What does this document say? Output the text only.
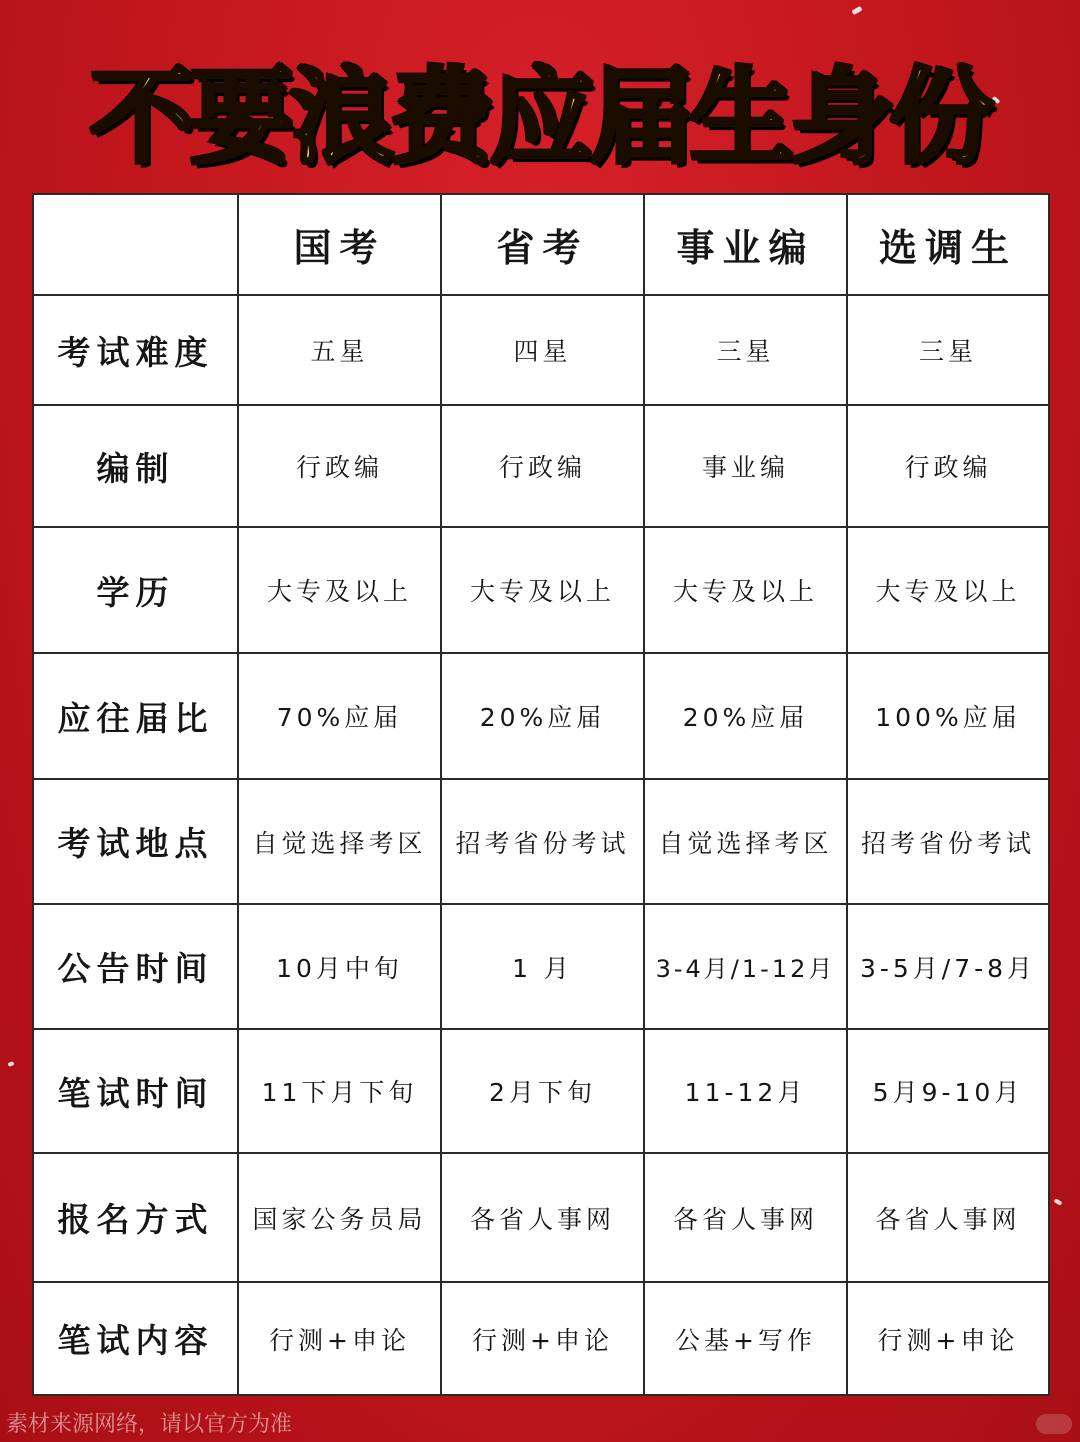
不要浪费应届生身份
	国考	省考	事业编	选调生
考试难度	五星	四星	三星	三星
编制	行政编	行政编	事业编	行政编
学历	大专及以上	大专及以上	大专及以上	大专及以上
应往届比	70%应届	20%应届	20%应届	100%应届
考试地点	自觉选择考区	招考省份考试	自觉选择考区	招考省份考试
公告时间	10月中旬	1 月	3-4月/1-12月	3-5月/7-8月
笔试时间	11下月下旬	2月下旬	11-12月	5月9-10月
报名方式	国家公务员局	各省人事网	各省人事网	各省人事网
笔试内容	行测+申论	行测+申论	公基+写作	行测+申论
素材来源网络，请以官方为准
